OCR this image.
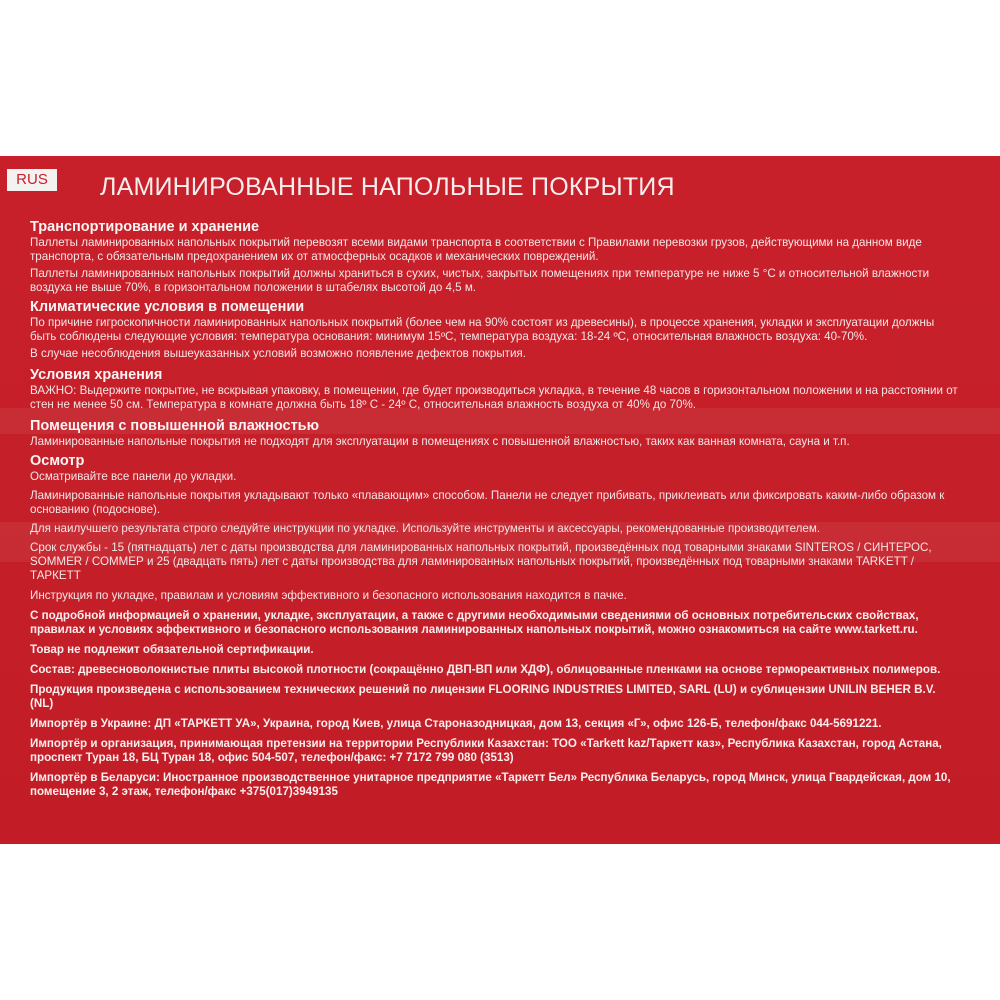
RUS	ЛАМИНИРОВАННЫЕ НАПОЛЬНЫЕ ПОКРЫТИЯ
Транспортирование и хранение

Паллеты ламинированных напольных покрытий перевозят всеми видами транспорта в соответствии с Правилами перевозки грузов, действующими на данном виде транспорта, с обязательным предохранением их от атмосферных осадков и механических повреждений.

Паллеты ламинированных напольных покрытий должны храниться в сухих, чистых, закрытых помещениях при температуре не ниже 5 °С и относительной влажности воздуха не выше 70%, в горизонтальном положении в штабелях высотой до 4,5 м.

Климатические условия в помещении

По причине гигроскопичности ламинированных напольных покрытий (более чем на 90% состоят из древесины), в процессе хранения, укладки и эксплуатации должны быть соблюдены следующие условия: температура основания: минимум 15ºС, температура воздуха: 18-24 ºС, относительная влажность воздуха: 40-70%.

В случае несоблюдения вышеуказанных условий возможно появление дефектов покрытия.

Условия хранения

ВАЖНО: Выдержите покрытие, не вскрывая упаковку, в помещении, где будет производиться укладка, в течение 48 часов в горизонтальном положении и на расстоянии от стен не менее 50 см. Температура в комнате должна быть 18º С - 24º С, относительная влажность воздуха от 40% до 70%.

Помещения с повышенной влажностью

Ламинированные напольные покрытия не подходят для эксплуатации в помещениях с повышенной влажностью, таких как ванная комната, сауна и т.п.

Осмотр

Осматривайте все панели до укладки.

Ламинированные напольные покрытия укладывают только «плавающим» способом. Панели не следует прибивать, приклеивать или фиксировать каким-либо образом к основанию (подоснове).

Для наилучшего результата строго следуйте инструкции по укладке. Используйте инструменты и аксессуары, рекомендованные производителем.

Срок службы - 15 (пятнадцать) лет с даты производства для ламинированных напольных покрытий, произведённых под товарными знаками SINTEROS / СИНТЕРОС, SOMMER / СОММЕР и 25 (двадцать пять) лет с даты производства для ламинированных напольных покрытий, произведённых под товарными знаками TARKETT / ТАРКЕТТ

Инструкция по укладке, правилам и условиям эффективного и безопасного использования находится в пачке.

С подробной информацией о хранении, укладке, эксплуатации, а также с другими необходимыми сведениями об основных потребительских свойствах, правилах и условиях эффективного и безопасного использования ламинированных напольных покрытий, можно ознакомиться на сайте www.tarkett.ru.

Товар не подлежит обязательной сертификации.

Состав: древесноволокнистые плиты высокой плотности (сокращённо ДВП-ВП или ХДФ), облицованные пленками на основе термореактивных полимеров.

Продукция произведена с использованием технических решений по лицензии FLOORING INDUSTRIES LIMITED, SARL (LU) и сублицензии UNILIN BEHER B.V. (NL)

Импортёр в Украине: ДП «ТАРКЕТТ УА», Украина, город Киев, улица Староназодницкая, дом 13, секция «Г», офис 126-Б, телефон/факс 044-5691221.

Импортёр и организация, принимающая претензии на территории Республики Казахстан: ТОО «Tarkett kaz/Таркетт каз», Республика Казахстан, город Астана, проспект Туран 18, БЦ Туран 18, офис 504-507, телефон/факс: +7 7172 799 080 (3513)

Импортёр в Беларуси: Иностранное производственное унитарное предприятие «Таркетт Бел» Республика Беларусь, город Минск, улица Гвардейская, дом 10, помещение 3, 2 этаж, телефон/факс +375(017)3949135
